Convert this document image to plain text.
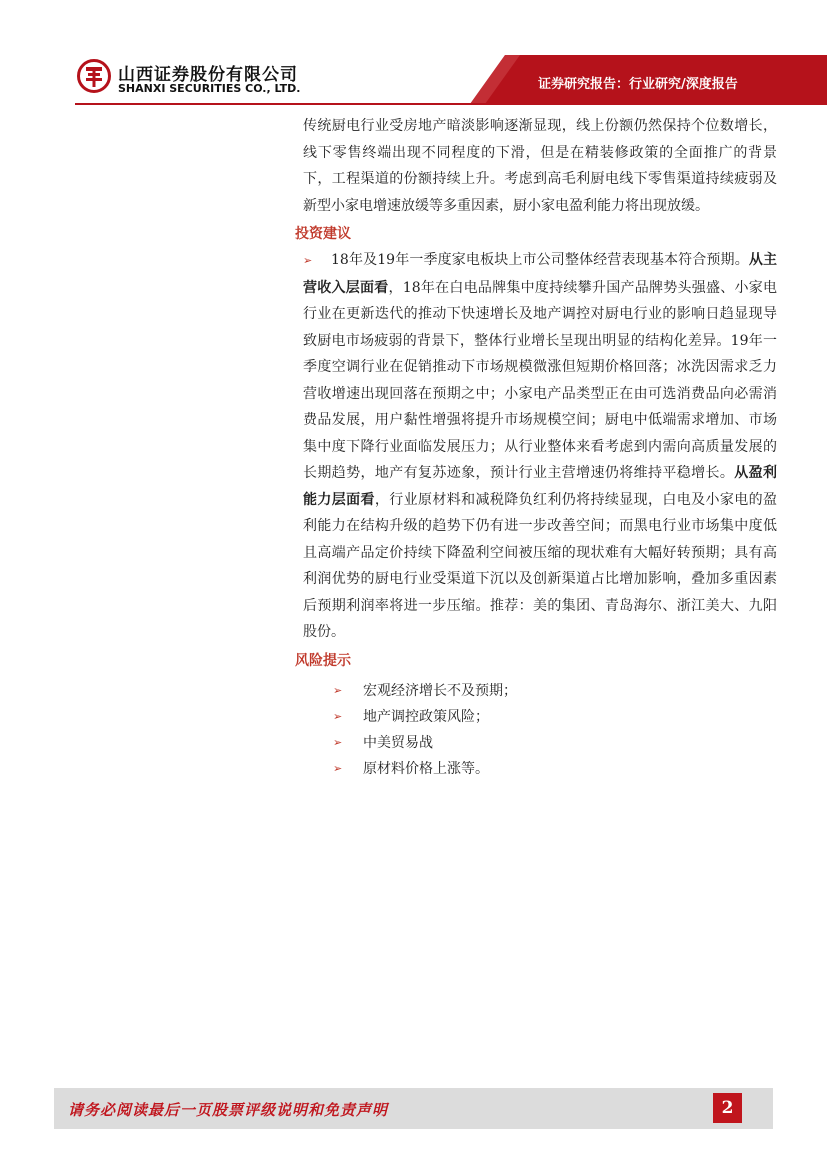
山西证券股份有限公司
SHANXI SECURITIES CO., LTD.	证券研究报告：行业研究/深度报告

传统厨电行业受房地产暗淡影响逐渐显现，线上份额仍然保持个位数增长，线下零售终端出现不同程度的下滑，但是在精装修政策的全面推广的背景下，工程渠道的份额持续上升。考虑到高毛利厨电线下零售渠道持续疲弱及新型小家电增速放缓等多重因素，厨小家电盈利能力将出现放缓。

投资建议

➢ 18年及19年一季度家电板块上市公司整体经营表现基本符合预期。从主营收入层面看，18年在白电品牌集中度持续攀升国产品牌势头强盛、小家电行业在更新迭代的推动下快速增长及地产调控对厨电行业的影响日趋显现导致厨电市场疲弱的背景下，整体行业增长呈现出明显的结构化差异。19年一季度空调行业在促销推动下市场规模微涨但短期价格回落；冰洗因需求乏力营收增速出现回落在预期之中；小家电产品类型正在由可选消费品向必需消费品发展，用户黏性增强将提升市场规模空间；厨电中低端需求增加、市场集中度下降行业面临发展压力；从行业整体来看考虑到内需向高质量发展的长期趋势，地产有复苏迹象，预计行业主营增速仍将维持平稳增长。从盈利能力层面看，行业原材料和减税降负红利仍将持续显现，白电及小家电的盈利能力在结构升级的趋势下仍有进一步改善空间；而黑电行业市场集中度低且高端产品定价持续下降盈利空间被压缩的现状难有大幅好转预期；具有高利润优势的厨电行业受渠道下沉以及创新渠道占比增加影响，叠加多重因素后预期利润率将进一步压缩。推荐：美的集团、青岛海尔、浙江美大、九阳股份。

风险提示
➢	宏观经济增长不及预期；
➢	地产调控政策风险；
➢	中美贸易战
➢	原材料价格上涨等。
请务必阅读最后一页股票评级说明和免责声明	2
